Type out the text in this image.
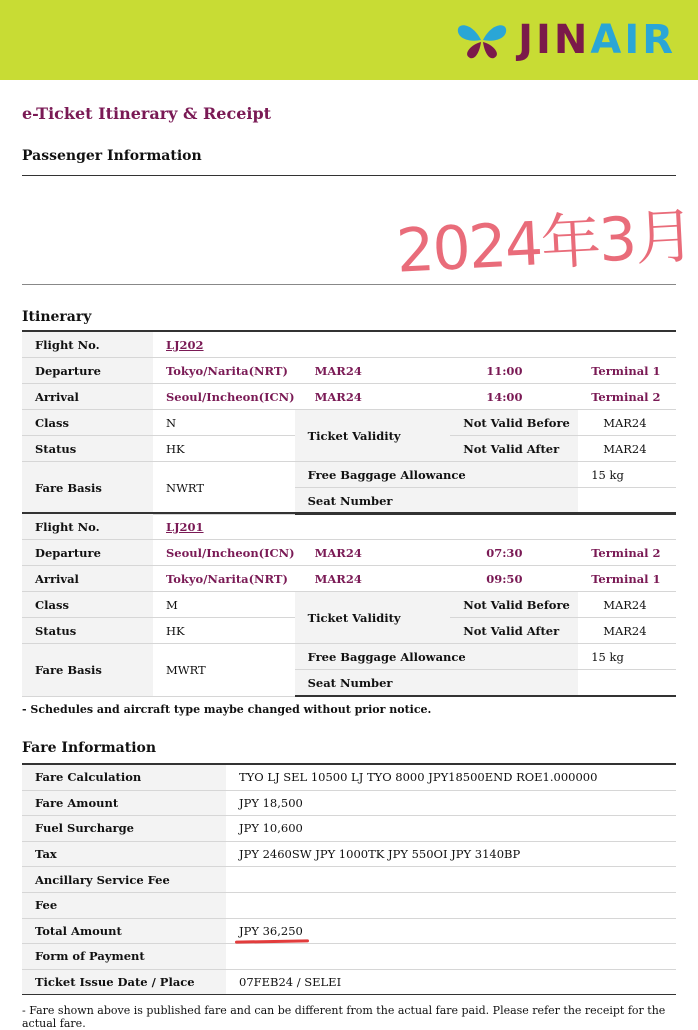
JINAIR
e-Ticket Itinerary & Receipt
Passenger Information
2024年3月
Itinerary
Flight No.	LJ202			
Departure	Tokyo/Narita(NRT)	MAR24	11:00	Terminal 1
Arrival	Seoul/Incheon(ICN)	MAR24	14:00	Terminal 2
Class	N	Ticket Validity	Not Valid Before	MAR24
Status	HK		Not Valid After	MAR24
Fare Basis	NWRT	Free Baggage Allowance		15 kg
		Seat Number		
Flight No.	LJ201			
Departure	Seoul/Incheon(ICN)	MAR24	07:30	Terminal 2
Arrival	Tokyo/Narita(NRT)	MAR24	09:50	Terminal 1
Class	M	Ticket Validity	Not Valid Before	MAR24
Status	HK		Not Valid After	MAR24
Fare Basis	MWRT	Free Baggage Allowance		15 kg
		Seat Number		
- Schedules and aircraft type maybe changed without prior notice.
Fare Information
Fare Calculation	TYO LJ SEL 10500 LJ TYO 8000 JPY18500END ROE1.000000
Fare Amount	JPY 18,500
Fuel Surcharge	JPY 10,600
Tax	JPY 2460SW JPY 1000TK JPY 550OI JPY 3140BP
Ancillary Service Fee	
Fee	
Total Amount	JPY 36,250
Form of Payment	
Ticket Issue Date / Place	07FEB24 / SELEI
- Fare shown above is published fare and can be different from the actual fare paid. Please refer the receipt for the actual fare.
